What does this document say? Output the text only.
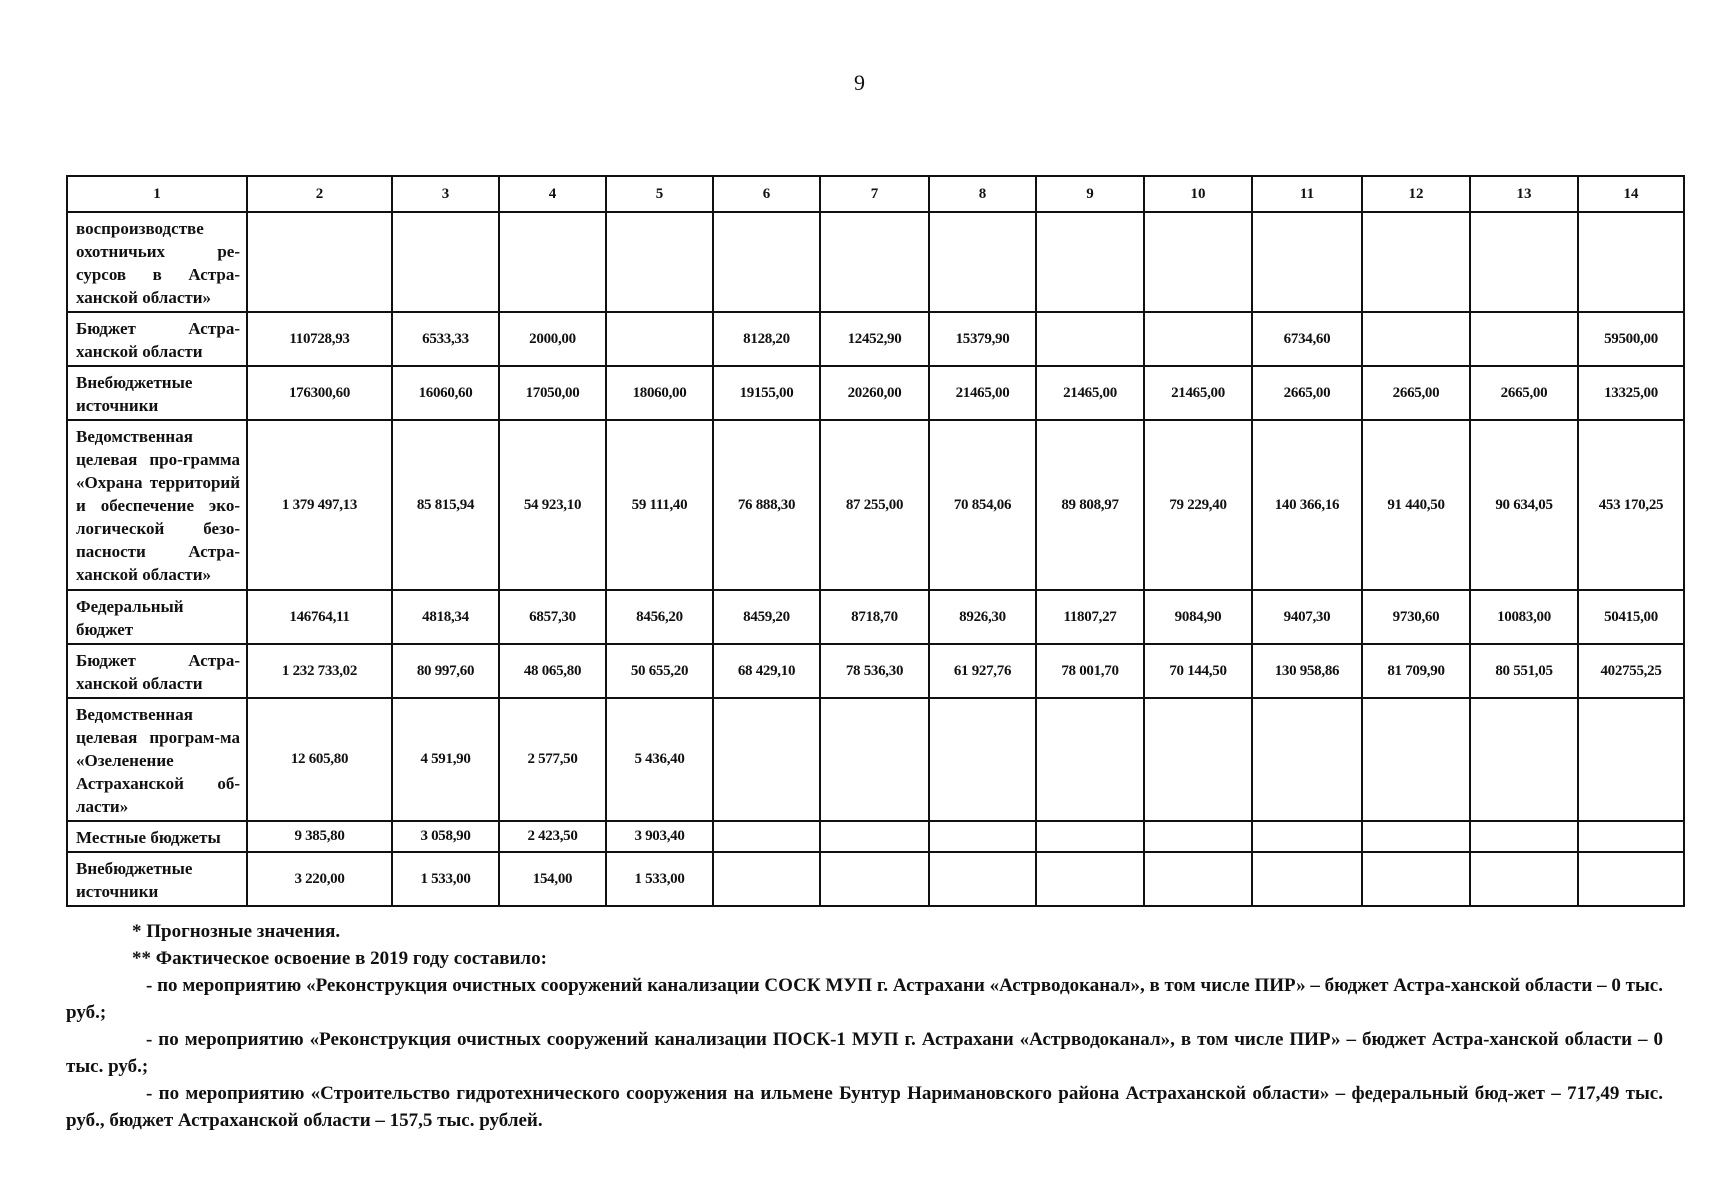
9
1	2	3	4	5	6	7	8	9	10	11	12	13	14
воспроизводстве охотничьих ре-сурсов в Астра-ханской области»													
Бюджет Астра-ханской области	110728,93	6533,33	2000,00		8128,20	12452,90	15379,90			6734,60			59500,00
Внебюджетные источники	176300,60	16060,60	17050,00	18060,00	19155,00	20260,00	21465,00	21465,00	21465,00	2665,00	2665,00	2665,00	13325,00
Ведомственная целевая про-грамма «Охрана территорий и обеспечение эко-логической безо-пасности Астра-ханской области»	1 379 497,13	85 815,94	54 923,10	59 111,40	76 888,30	87 255,00	70 854,06	89 808,97	79 229,40	140 366,16	91 440,50	90 634,05	453 170,25
Федеральный бюджет	146764,11	4818,34	6857,30	8456,20	8459,20	8718,70	8926,30	11807,27	9084,90	9407,30	9730,60	10083,00	50415,00
Бюджет Астра-ханской области	1 232 733,02	80 997,60	48 065,80	50 655,20	68 429,10	78 536,30	61 927,76	78 001,70	70 144,50	130 958,86	81 709,90	80 551,05	402755,25
Ведомственная целевая програм-ма «Озеленение Астраханской об-ласти»	12 605,80	4 591,90	2 577,50	5 436,40									
Местные бюджеты	9 385,80	3 058,90	2 423,50	3 903,40									
Внебюджетные источники	3 220,00	1 533,00	154,00	1 533,00									

* Прогнозные значения.

** Фактическое освоение в 2019 году составило:

- по мероприятию «Реконструкция очистных сооружений канализации СОСК МУП г. Астрахани «Астрводоканал», в том числе ПИР» – бюджет Астра-ханской области – 0 тыс. руб.;

- по мероприятию «Реконструкция очистных сооружений канализации ПОСК-1 МУП г. Астрахани «Астрводоканал», в том числе ПИР» – бюджет Астра-ханской области – 0 тыс. руб.;

- по мероприятию «Строительство гидротехнического сооружения на ильмене Бунтур Наримановского района Астраханской области» – федеральный бюд-жет – 717,49 тыс. руб., бюджет Астраханской области – 157,5 тыс. рублей.
